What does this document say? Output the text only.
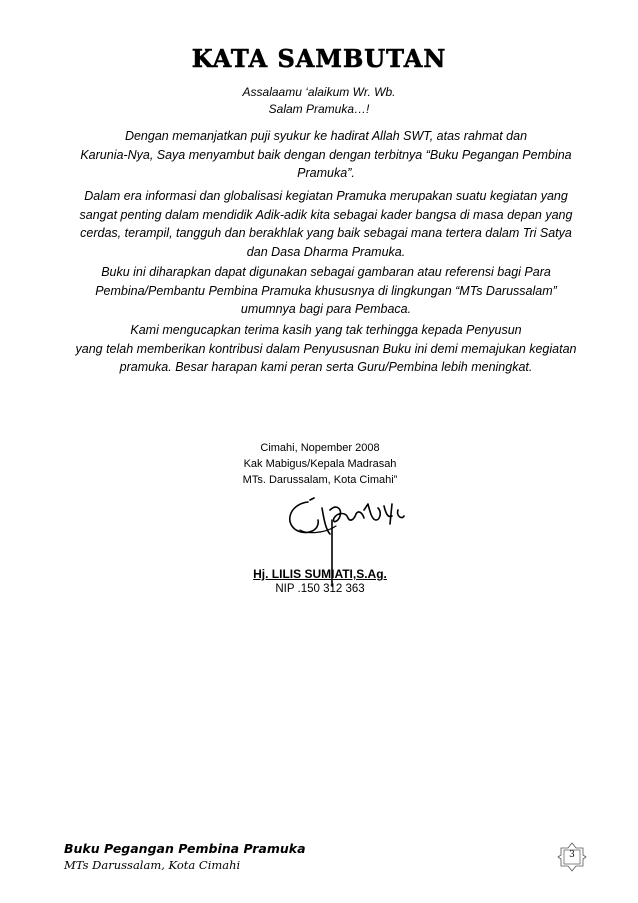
KATA SAMBUTAN
Assalaamu ‘alaikum Wr. Wb.
Salam Pramuka…!
Dengan memanjatkan puji syukur ke hadirat Allah SWT, atas rahmat dan
Karunia-Nya, Saya menyambut baik dengan dengan terbitnya “Buku Pegangan Pembina
Pramuka”.
Dalam era informasi dan globalisasi kegiatan Pramuka merupakan suatu kegiatan yang
sangat penting dalam mendidik Adik-adik kita sebagai kader bangsa di masa depan yang
cerdas, terampil, tangguh dan berakhlak yang baik sebagai mana tertera dalam Tri Satya
dan Dasa Dharma Pramuka.
Buku ini diharapkan dapat digunakan sebagai gambaran atau referensi bagi Para
Pembina/Pembantu Pembina Pramuka khususnya di lingkungan “MTs Darussalam”
umumnya bagi para Pembaca.
Kami mengucapkan terima kasih yang tak terhingga kepada Penyusun
yang telah memberikan kontribusi dalam Penyususnan Buku ini demi memajukan kegiatan
pramuka. Besar harapan kami peran serta Guru/Pembina lebih meningkat.
Cimahi, Nopember 2008
Kak Mabigus/Kepala Madrasah
MTs. Darussalam, Kota Cimahi”
Hj. LILIS SUMIATI,S.Ag.
NIP .150 312 363
Buku Pegangan Pembina Pramuka
MTs Darussalam, Kota Cimahi
3
